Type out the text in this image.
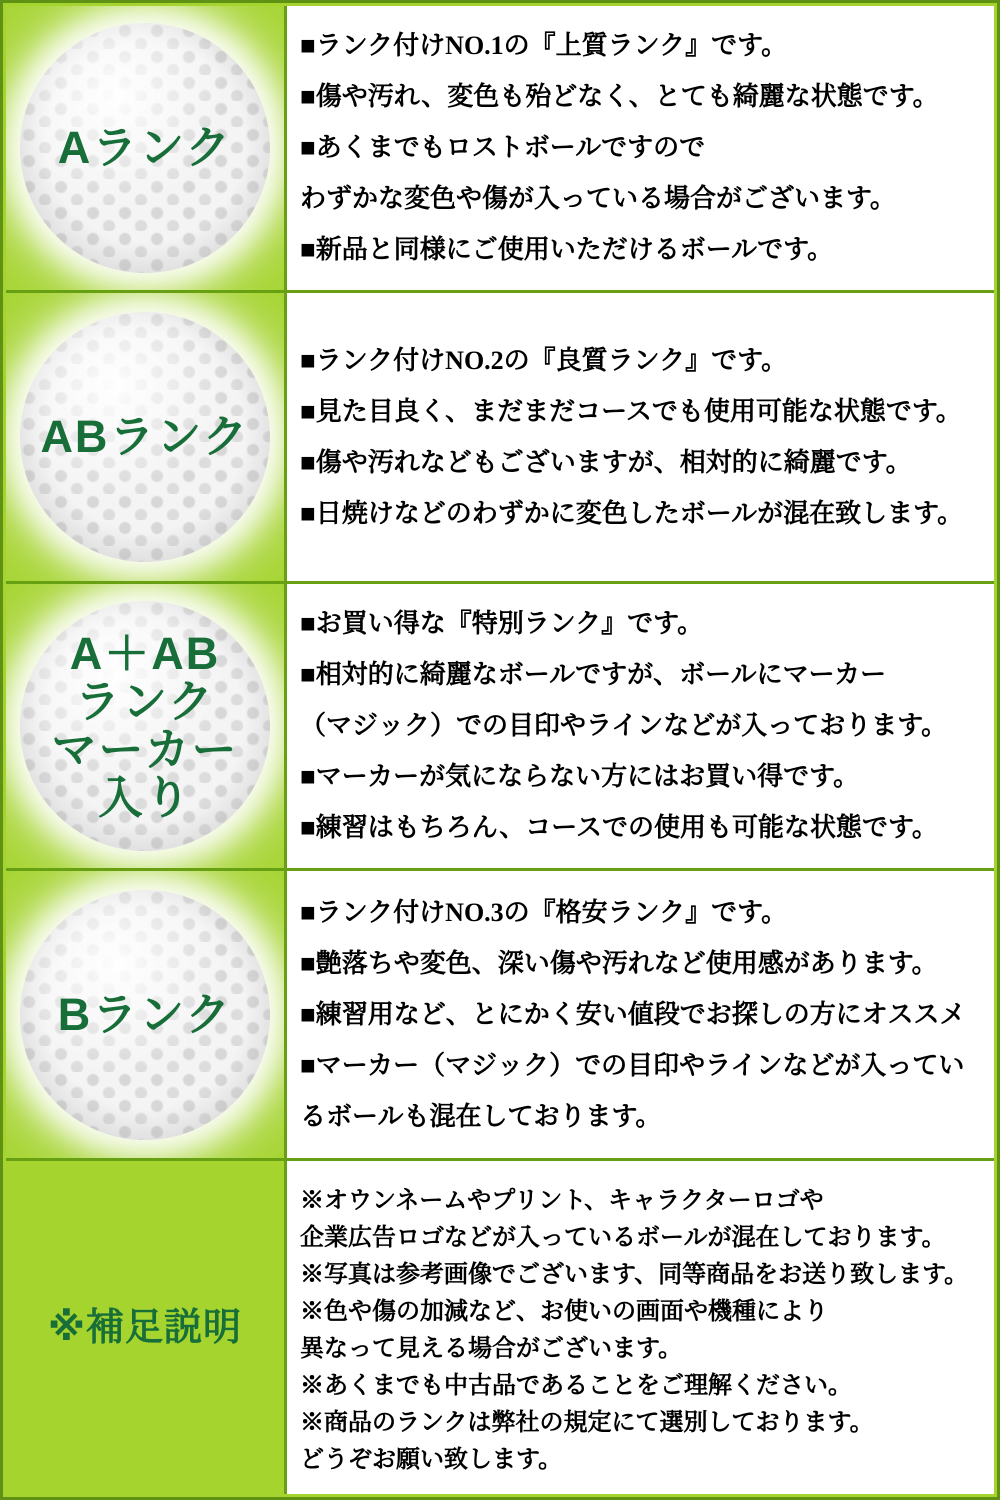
Aランク
■ランク付けNO.1の『上質ランク』です。
■傷や汚れ、変色も殆どなく、とても綺麗な状態です。
■あくまでもロストボールですので
わずかな変色や傷が入っている場合がございます。
■新品と同様にご使用いただけるボールです。
ABランク
■ランク付けNO.2の『良質ランク』です。
■見た目良く、まだまだコースでも使用可能な状態です。
■傷や汚れなどもございますが、相対的に綺麗です。
■日焼けなどのわずかに変色したボールが混在致します。
A＋AB
ランク
マーカー
入り
■お買い得な『特別ランク』です。
■相対的に綺麗なボールですが、ボールにマーカー
（マジック）での目印やラインなどが入っております。
■マーカーが気にならない方にはお買い得です。
■練習はもちろん、コースでの使用も可能な状態です。
Bランク
■ランク付けNO.3の『格安ランク』です。
■艶落ちや変色、深い傷や汚れなど使用感があります。
■練習用など、とにかく安い値段でお探しの方にオススメ
■マーカー（マジック）での目印やラインなどが入ってい
るボールも混在しております。
※補足説明
※オウンネームやプリント、キャラクターロゴや
企業広告ロゴなどが入っているボールが混在しております。
※写真は参考画像でございます、同等商品をお送り致します。
※色や傷の加減など、お使いの画面や機種により
異なって見える場合がございます。
※あくまでも中古品であることをご理解ください。
※商品のランクは弊社の規定にて選別しております。
どうぞお願い致します。
